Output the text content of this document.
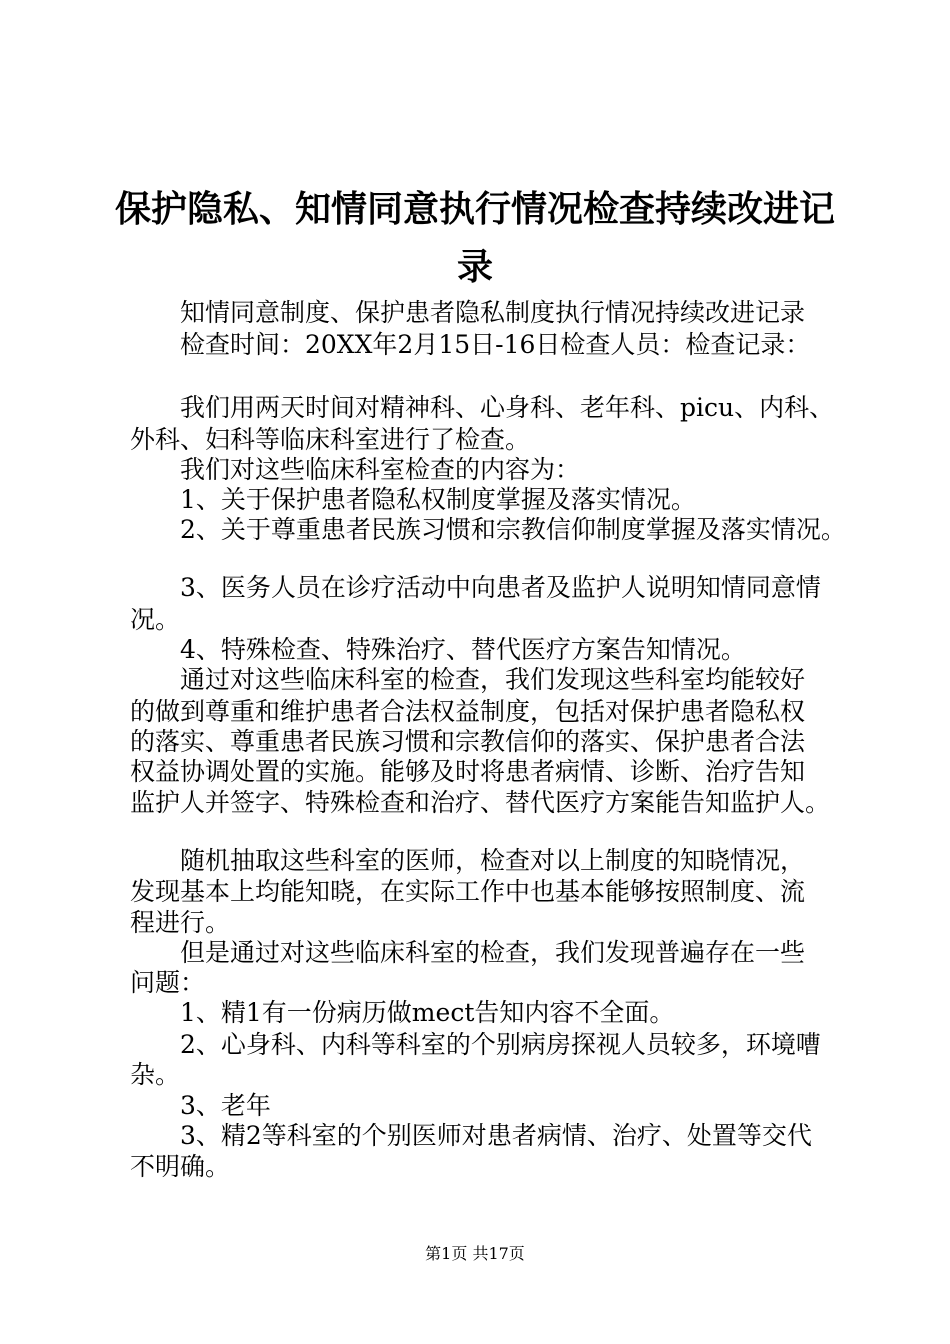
保护隐私、知情同意执行情况检查持续改进记
录
知情同意制度、保护患者隐私制度执行情况持续改进记录
检查时间：20XX年2月15日-16日检查人员：检查记录：
我们用两天时间对精神科、心身科、老年科、picu、内科、
外科、妇科等临床科室进行了检查。
我们对这些临床科室检查的内容为：
1、关于保护患者隐私权制度掌握及落实情况。
2、关于尊重患者民族习惯和宗教信仰制度掌握及落实情况。
3、医务人员在诊疗活动中向患者及监护人说明知情同意情
况。
4、特殊检查、特殊治疗、替代医疗方案告知情况。
通过对这些临床科室的检查，我们发现这些科室均能较好
的做到尊重和维护患者合法权益制度，包括对保护患者隐私权
的落实、尊重患者民族习惯和宗教信仰的落实、保护患者合法
权益协调处置的实施。能够及时将患者病情、诊断、治疗告知
监护人并签字、特殊检查和治疗、替代医疗方案能告知监护人。
随机抽取这些科室的医师，检查对以上制度的知晓情况，
发现基本上均能知晓，在实际工作中也基本能够按照制度、流
程进行。
但是通过对这些临床科室的检查，我们发现普遍存在一些
问题：
1、精1有一份病历做mect告知内容不全面。
2、心身科、内科等科室的个别病房探视人员较多，环境嘈
杂。
3、老年
3、精2等科室的个别医师对患者病情、治疗、处置等交代
不明确。
第1页 共17页
